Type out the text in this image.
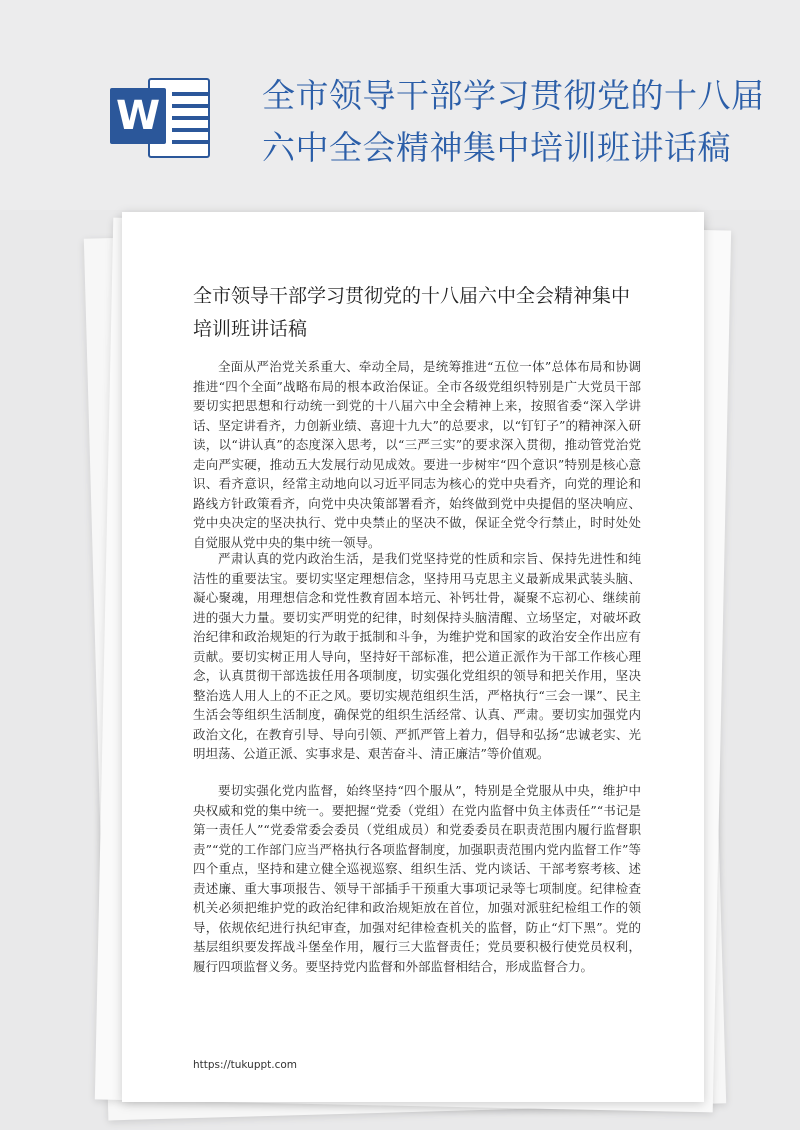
W	全市领导干部学习贯彻党的十八届六中全会精神集中培训班讲话稿
全市领导干部学习贯彻党的十八届六中全会精神集中培训班讲话稿

全面从严治党关系重大、牵动全局，是统筹推进“五位一体”总体布局和协调推进“四个全面”战略布局的根本政治保证。全市各级党组织特别是广大党员干部要切实把思想和行动统一到党的十八届六中全会精神上来，按照省委“深入学讲话、坚定讲看齐，力创新业绩、喜迎十九大”的总要求，以“钉钉子”的精神深入研读，以“讲认真”的态度深入思考，以“三严三实”的要求深入贯彻，推动管党治党走向严实硬，推动五大发展行动见成效。要进一步树牢“四个意识”特别是核心意识、看齐意识，经常主动地向以习近平同志为核心的党中央看齐，向党的理论和路线方针政策看齐，向党中央决策部署看齐，始终做到党中央提倡的坚决响应、党中央决定的坚决执行、党中央禁止的坚决不做，保证全党令行禁止，时时处处自觉服从党中央的集中统一领导。

严肃认真的党内政治生活，是我们党坚持党的性质和宗旨、保持先进性和纯洁性的重要法宝。要切实坚定理想信念，坚持用马克思主义最新成果武装头脑、凝心聚魂，用理想信念和党性教育固本培元、补钙壮骨，凝聚不忘初心、继续前进的强大力量。要切实严明党的纪律，时刻保持头脑清醒、立场坚定，对破坏政治纪律和政治规矩的行为敢于抵制和斗争，为维护党和国家的政治安全作出应有贡献。要切实树正用人导向，坚持好干部标准，把公道正派作为干部工作核心理念，认真贯彻干部选拔任用各项制度，切实强化党组织的领导和把关作用，坚决整治选人用人上的不正之风。要切实规范组织生活，严格执行“三会一课”、民主生活会等组织生活制度，确保党的组织生活经常、认真、严肃。要切实加强党内政治文化，在教育引导、导向引领、严抓严管上着力，倡导和弘扬“忠诚老实、光明坦荡、公道正派、实事求是、艰苦奋斗、清正廉洁”等价值观。

要切实强化党内监督，始终坚持“四个服从”，特别是全党服从中央，维护中央权威和党的集中统一。要把握“党委（党组）在党内监督中负主体责任”“书记是第一责任人”“党委常委会委员（党组成员）和党委委员在职责范围内履行监督职责”“党的工作部门应当严格执行各项监督制度，加强职责范围内党内监督工作”等四个重点，坚持和建立健全巡视巡察、组织生活、党内谈话、干部考察考核、述责述廉、重大事项报告、领导干部插手干预重大事项记录等七项制度。纪律检查机关必须把维护党的政治纪律和政治规矩放在首位，加强对派驻纪检组工作的领导，依规依纪进行执纪审查，加强对纪律检查机关的监督，防止“灯下黑”。党的基层组织要发挥战斗堡垒作用，履行三大监督责任；党员要积极行使党员权利，履行四项监督义务。要坚持党内监督和外部监督相结合，形成监督合力。

https://tukuppt.com
